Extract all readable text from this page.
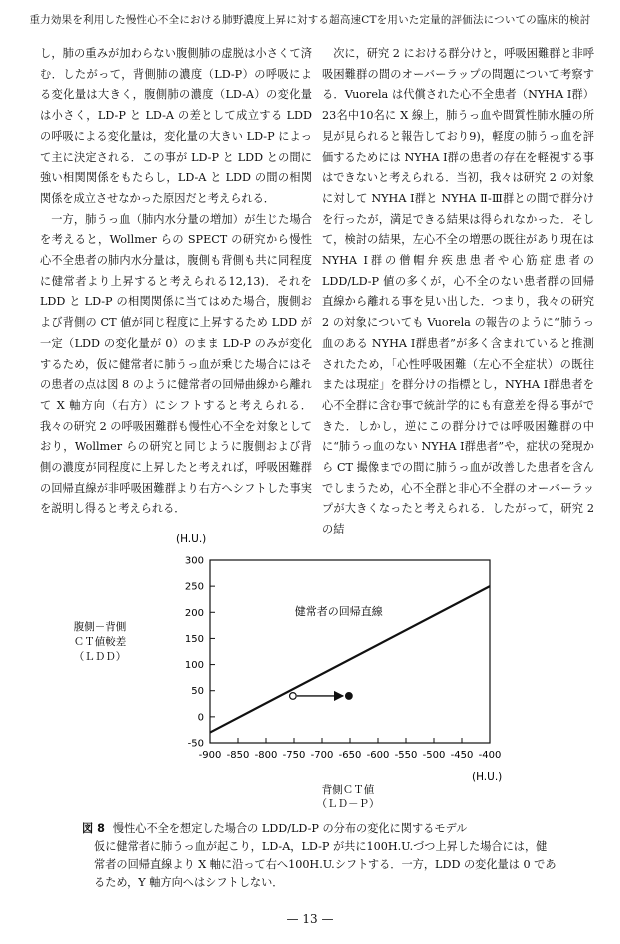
重力効果を利用した慢性心不全における肺野濃度上昇に対する超高速CTを用いた定量的評価法についての臨床的検討

し，肺の重みが加わらない腹側肺の虚脱は小さくて済む．したがって，背側肺の濃度（LD-P）の呼吸による変化量は大きく，腹側肺の濃度（LD-A）の変化量は小さく，LD-P と LD-A の差として成立する LDD の呼吸による変化量は，変化量の大きい LD-P によって主に決定される．この事が LD-P と LDD との間に強い相関関係をもたらし，LD-A と LDD の間の相関関係を成立させなかった原因だと考えられる．

一方，肺うっ血（肺内水分量の増加）が生じた場合を考えると，Wollmer らの SPECT の研究から慢性心不全患者の肺内水分量は，腹側も背側も共に同程度に健常者より上昇すると考えられる12,13)．それを LDD と LD-P の相関関係に当てはめた場合，腹側および背側の CT 値が同じ程度に上昇するため LDD が一定（LDD の変化量が 0）のまま LD-P のみが変化するため，仮に健常者に肺うっ血が乗じた場合にはその患者の点は図 8 のように健常者の回帰曲線から離れて X 軸方向（右方）にシフトすると考えられる．我々の研究 2 の呼吸困難群も慢性心不全を対象としており，Wollmer らの研究と同じように腹側および背側の濃度が同程度に上昇したと考えれば，呼吸困難群の回帰直線が非呼吸困難群より右方へシフトした事実を説明し得ると考えられる．

次に，研究 2 における群分けと，呼吸困難群と非呼吸困難群の間のオーバーラップの問題について考察する．Vuorela は代償された心不全患者（NYHA Ⅰ群）23名中10名に X 線上，肺うっ血や間質性肺水腫の所見が見られると報告しており9)，軽度の肺うっ血を評価するためには NYHA Ⅰ群の患者の存在を軽視する事はできないと考えられる．当初，我々は研究 2 の対象に対して NYHA Ⅰ群と NYHA Ⅱ-Ⅲ群との間で群分けを行ったが，満足できる結果は得られなかった．そして，検討の結果，左心不全の増悪の既往があり現在は NYHA Ⅰ群の僧帽弁疾患患者や心筋症患者の LDD/LD-P 値の多くが，心不全のない患者群の回帰直線から離れる事を見い出した．つまり，我々の研究 2 の対象についても Vuorela の報告のように“肺うっ血のある NYHA Ⅰ群患者”が多く含まれていると推測されたため，「心性呼吸困難（左心不全症状）の既往または現症」を群分けの指標とし，NYHA Ⅰ群患者を心不全群に含む事で統計学的にも有意差を得る事ができた．しかし，逆にこの群分けでは呼吸困難群の中に“肺うっ血のない NYHA Ⅰ群患者”や，症状の発現から CT 撮像までの間に肺うっ血が改善した患者を含んでしまうため，心不全群と非心不全群のオーバーラップが大きくなったと考えられる．したがって，研究 2 の結

(H.U.)
(H.U.)
腹側－背側ＣＴ値較差（ＬＤＤ）
背側ＣＴ値（ＬＤ－Ｐ）
-50
0
50
100
150
200
250
300
-900 -850 -800 -750 -700 -650 -600 -550 -500 -450 -400
健常者の回帰直線
図 8 慢性心不全を想定した場合の LDD/LD-P の分布の変化に関するモデル
仮に健常者に肺うっ血が起こり，LD-A，LD-P が共に100H.U.づつ上昇した場合には，健
常者の回帰直線より X 軸に沿って右へ100H.U.シフトする．一方，LDD の変化量は 0 であ
るため，Y 軸方向へはシフトしない．
— 13 —
